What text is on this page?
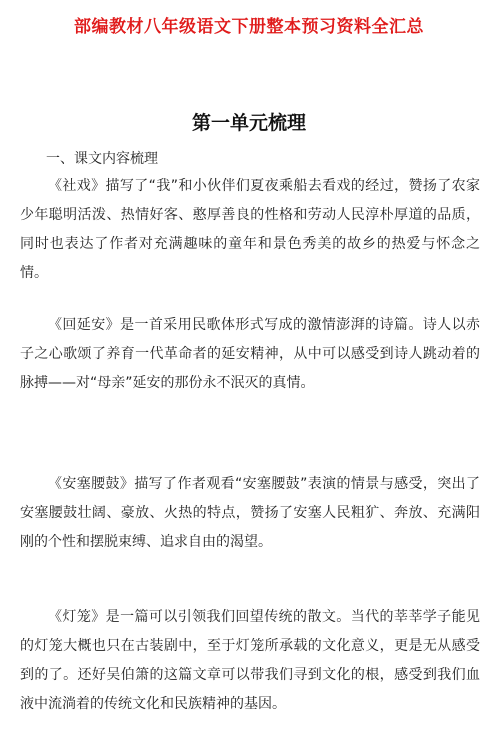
部编教材八年级语文下册整本预习资料全汇总
第一单元梳理
一、课文内容梳理

《社戏》描写了“我”和小伙伴们夏夜乘船去看戏的经过，赞扬了农家少年聪明活泼、热情好客、憨厚善良的性格和劳动人民淳朴厚道的品质，同时也表达了作者对充满趣味的童年和景色秀美的故乡的热爱与怀念之情。

《回延安》是一首采用民歌体形式写成的激情澎湃的诗篇。诗人以赤子之心歌颂了养育一代革命者的延安精神，从中可以感受到诗人跳动着的脉搏——对“母亲”延安的那份永不泯灭的真情。

《安塞腰鼓》描写了作者观看“安塞腰鼓”表演的情景与感受，突出了安塞腰鼓壮阔、豪放、火热的特点，赞扬了安塞人民粗犷、奔放、充满阳刚的个性和摆脱束缚、追求自由的渴望。

《灯笼》是一篇可以引领我们回望传统的散文。当代的莘莘学子能见的灯笼大概也只在古装剧中，至于灯笼所承载的文化意义，更是无从感受到的了。还好吴伯箫的这篇文章可以带我们寻到文化的根，感受到我们血液中流淌着的传统文化和民族精神的基因。
